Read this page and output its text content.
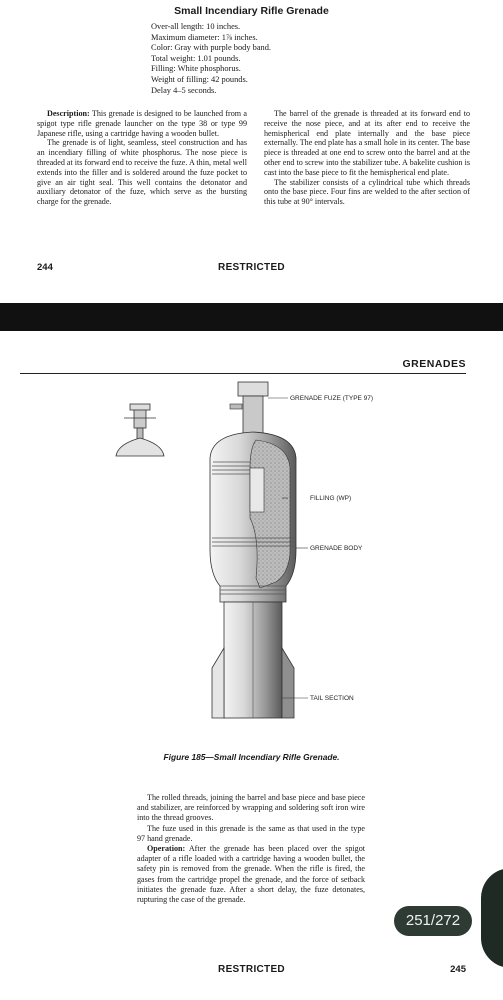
Small Incendiary Rifle Grenade
Over-all length: 10 inches.
Maximum diameter: 1⅞ inches.
Color: Gray with purple body band.
Total weight: 1.01 pounds.
Filling: White phosphorus.
Weight of filling: 42 pounds.
Delay 4–5 seconds.

Description: This grenade is designed to be launched from a spigot type rifle grenade launcher on the type 38 or type 99 Japanese rifle, using a cartridge having a wooden bullet.

The grenade is of light, seamless, steel construction and has an incendiary filling of white phosphorus. The nose piece is threaded at its forward end to receive the fuze. A thin, metal well extends into the filler and is soldered around the fuze pocket to give an air tight seal. This well contains the detonator and auxiliary detonator of the fuze, which serve as the bursting charge for the grenade.

The barrel of the grenade is threaded at its forward end to receive the nose piece, and at its after end to receive the hemispherical end plate internally and the base piece externally. The end plate has a small hole in its center. The base piece is threaded at one end to screw onto the barrel and at the other end to screw into the stabilizer tube. A bakelite cushion is cast into the base piece to fit the hemispherical end plate.

The stabilizer consists of a cylindrical tube which threads onto the base piece. Four fins are welded to the after section of this tube at 90° intervals.

244	RESTRICTED
GRENADES
GRENADE FUZE (TYPE 97)
FILLING (WP)
GRENADE BODY
TAIL SECTION
Figure 185—Small Incendiary Rifle Grenade.

The rolled threads, joining the barrel and base piece and base piece and stabilizer, are reinforced by wrapping and soldering soft iron wire into the thread grooves.

The fuze used in this grenade is the same as that used in the type 97 hand grenade.

Operation: After the grenade has been placed over the spigot adapter of a rifle loaded with a cartridge having a wooden bullet, the safety pin is removed from the grenade. When the rifle is fired, the gases from the cartridge propel the grenade, and the force of setback initiates the grenade fuze. After a short delay, the fuze detonates, rupturing the case of the grenade.

RESTRICTED	245
251/272
